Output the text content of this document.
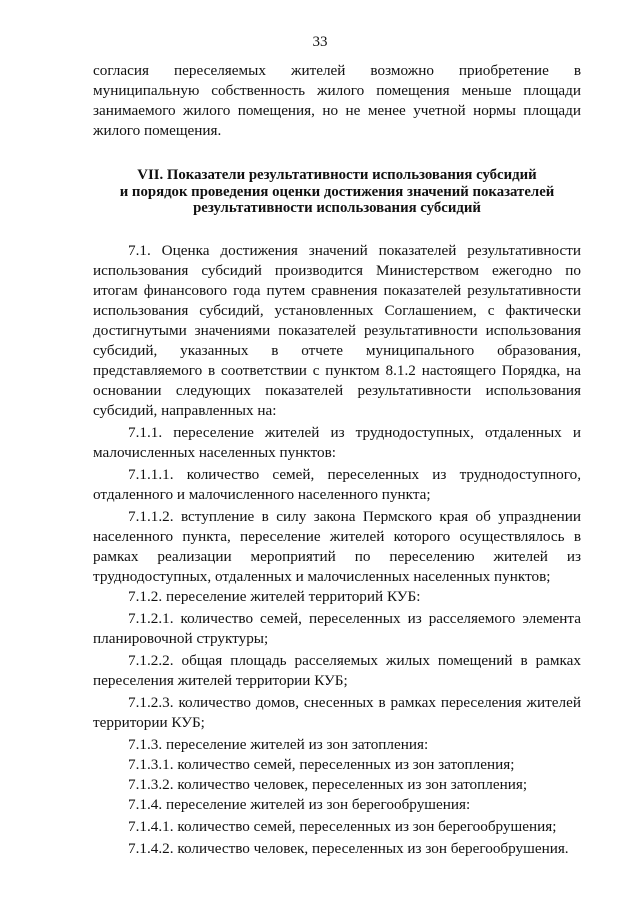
33

согласия переселяемых жителей возможно приобретение в муниципальную собственность жилого помещения меньше площади занимаемого жилого помещения, но не менее учетной нормы площади жилого помещения.

VII. Показатели результативности использования субсидий
и порядок проведения оценки достижения значений показателей
результативности использования субсидий

7.1. Оценка достижения значений показателей результативности использования субсидий производится Министерством ежегодно по итогам финансового года путем сравнения показателей результативности использования субсидий, установленных Соглашением, с фактически достигнутыми значениями показателей результативности использования субсидий, указанных в отчете муниципального образования, представляемого в соответствии с пунктом 8.1.2 настоящего Порядка, на основании следующих показателей результативности использования субсидий, направленных на:

7.1.1. переселение жителей из труднодоступных, отдаленных и малочисленных населенных пунктов:

7.1.1.1. количество семей, переселенных из труднодоступного, отдаленного и малочисленного населенного пункта;

7.1.1.2. вступление в силу закона Пермского края об упразднении населенного пункта, переселение жителей которого осуществлялось в рамках реализации мероприятий по переселению жителей из труднодоступных, отдаленных и малочисленных населенных пунктов;

7.1.2. переселение жителей территорий КУБ:

7.1.2.1. количество семей, переселенных из расселяемого элемента планировочной структуры;

7.1.2.2. общая площадь расселяемых жилых помещений в рамках переселения жителей территории КУБ;

7.1.2.3. количество домов, снесенных в рамках переселения жителей территории КУБ;

7.1.3. переселение жителей из зон затопления:

7.1.3.1. количество семей, переселенных из зон затопления;

7.1.3.2. количество человек, переселенных из зон затопления;

7.1.4. переселение жителей из зон берегообрушения:

7.1.4.1. количество семей, переселенных из зон берегообрушения;

7.1.4.2. количество человек, переселенных из зон берегообрушения.
